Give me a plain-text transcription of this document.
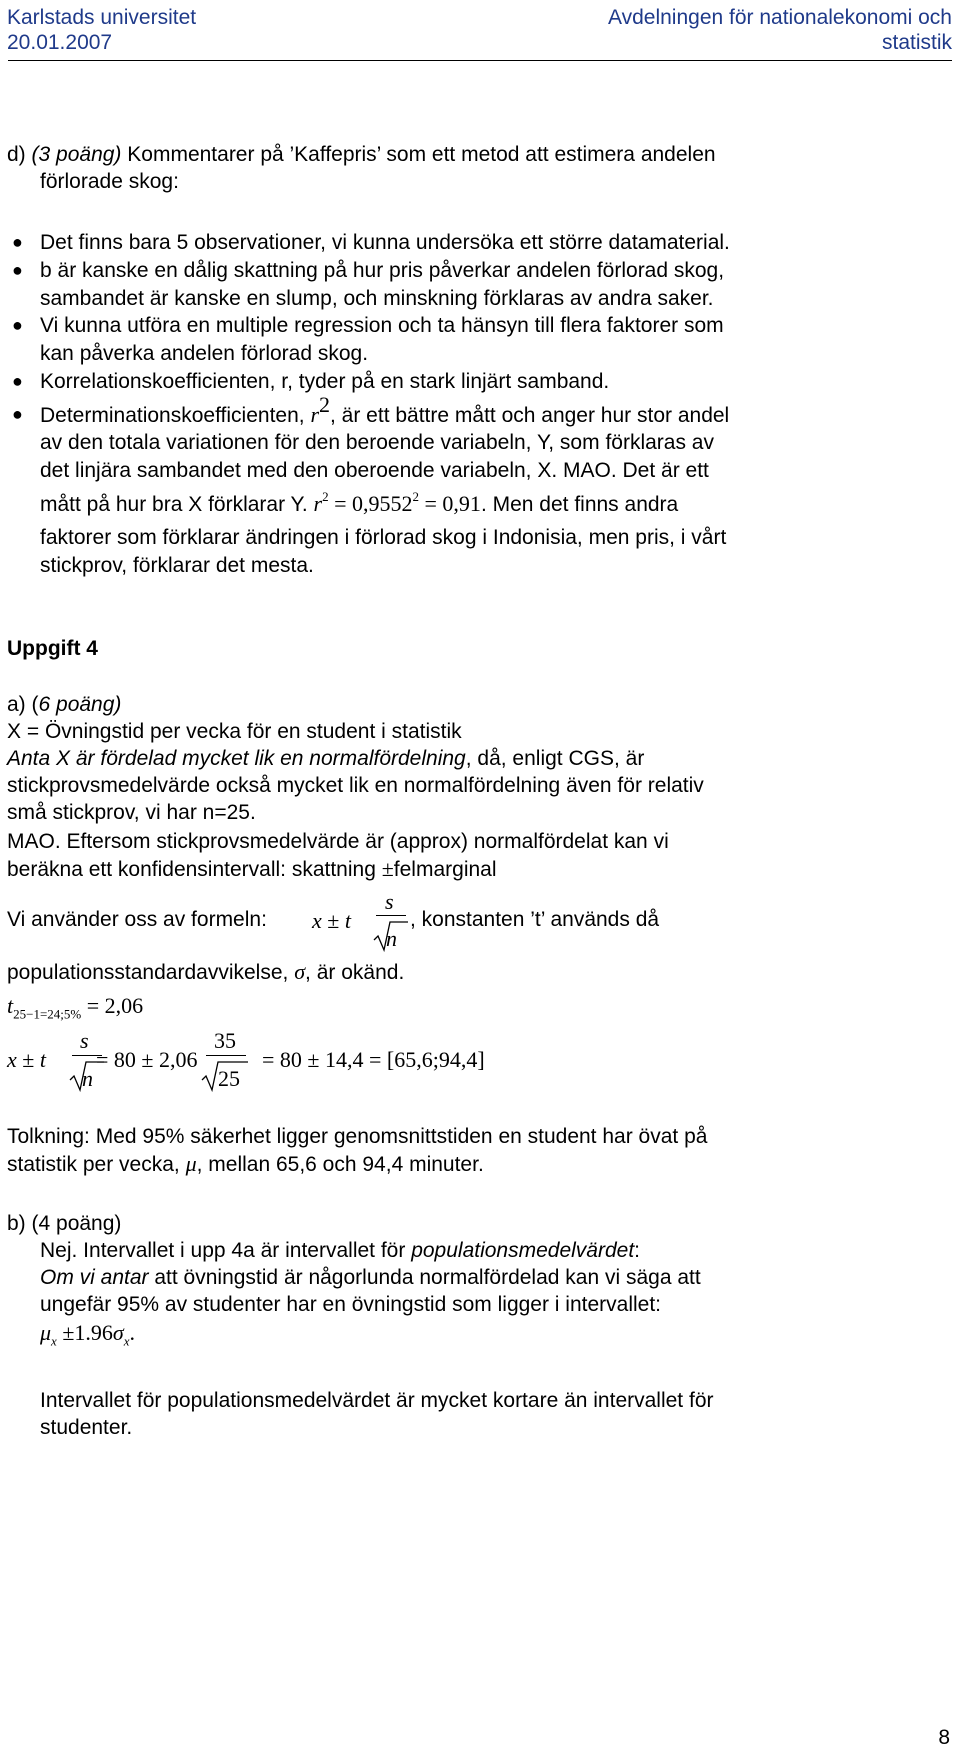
Karlstads universitet
20.01.2007
Avdelningen för nationalekonomi och
statistik
d) (3 poäng) Kommentarer på ’Kaffepris’ som ett metod att estimera andelen
förlorade skog:
● Det finns bara 5 observationer, vi kunna undersöka ett större datamaterial.
● b är kanske en dålig skattning på hur pris påverkar andelen förlorad skog,
sambandet är kanske en slump, och minskning förklaras av andra saker.
● Vi kunna utföra en multiple regression och ta hänsyn till flera faktorer som
kan påverka andelen förlorad skog.
● Korrelationskoefficienten, r, tyder på en stark linjärt samband.
● Determinationskoefficienten, $r^2$, är ett bättre mått och anger hur stor andel
av den totala variationen för den beroende variabeln, Y, som förklaras av
det linjära sambandet med den oberoende variabeln, X. MAO. Det är ett
mått på hur bra X förklarar Y. $r^2 = 0,9552^2 = 0,91$. Men det finns andra
faktorer som förklarar ändringen i förlorad skog i Indonisia, men pris, i vårt
stickprov, förklarar det mesta.
Uppgift 4
a) (6 poäng)
X = Övningstid per vecka för en student i statistik
Anta X är fördelad mycket lik en normalfördelning, då, enligt CGS, är
stickprovsmedelvärde också mycket lik en normalfördelning även för relativ
små stickprov, vi har n=25.
MAO. Eftersom stickprovsmedelvärde är (approx) normalfördelat kan vi
beräkna ett konfidensintervall: skattning ±felmarginal
Vi använder oss av formeln: x ± t
s
n
, konstanten ’t’ används då
populationsstandardavvikelse, σ, är okänd.
$t_{25-1=24;5\%} = 2,06$
x ± t
s
n
= 80 ± 2,06
35
25
= 80 ± 14,4 = [65,6;94,4]
Tolkning: Med 95% säkerhet ligger genomsnittstiden en student har övat på
statistik per vecka, μ, mellan 65,6 och 94,4 minuter.
b) (4 poäng)
Nej. Intervallet i upp 4a är intervallet för populationsmedelvärdet:
Om vi antar att övningstid är någorlunda normalfördelad kan vi säga att
ungefär 95% av studenter har en övningstid som ligger i intervallet:
$\mu_x \pm 1.96\sigma_x$.
Intervallet för populationsmedelvärdet är mycket kortare än intervallet för
studenter.
8
